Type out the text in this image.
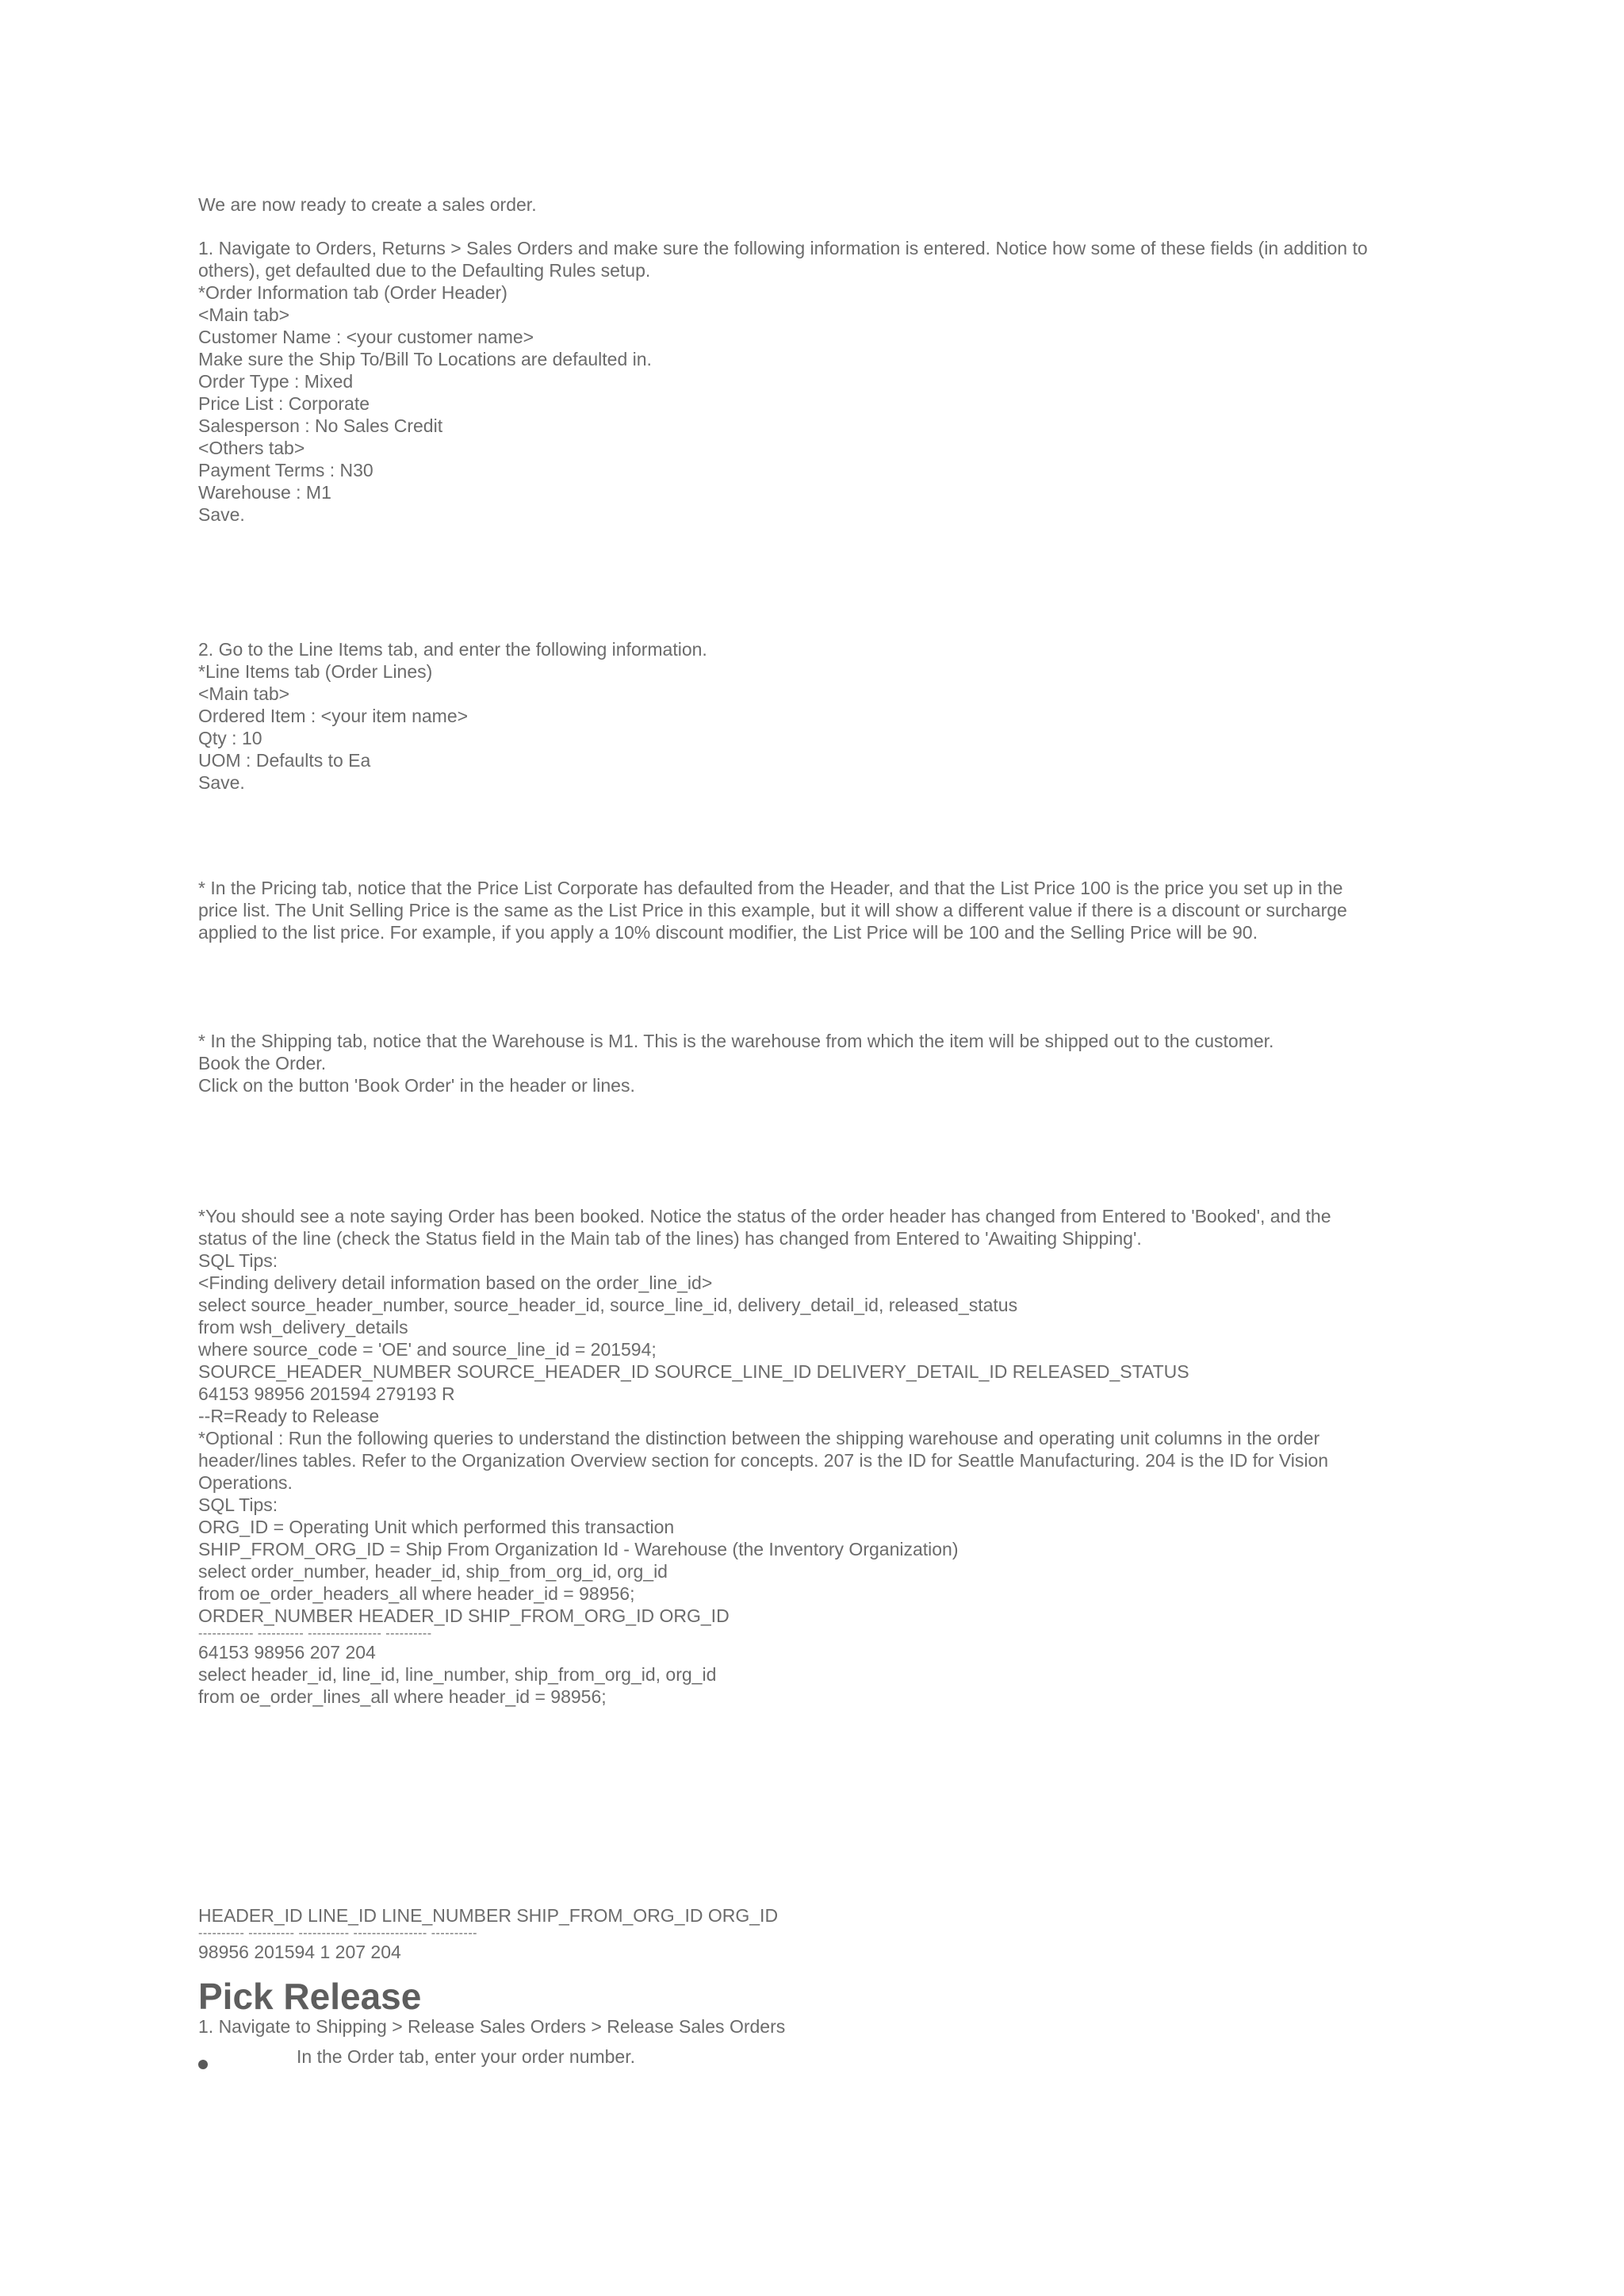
We are now ready to create a sales order.

1. Navigate to Orders, Returns > Sales Orders and make sure the following information is entered. Notice how some of these fields (in addition to

others), get defaulted due to the Defaulting Rules setup.

*Order Information tab (Order Header)

<Main tab>

Customer Name : <your customer name>

Make sure the Ship To/Bill To Locations are defaulted in.

Order Type : Mixed

Price List : Corporate

Salesperson : No Sales Credit

<Others tab>

Payment Terms : N30

Warehouse : M1

Save.

2. Go to the Line Items tab, and enter the following information.

*Line Items tab (Order Lines)

<Main tab>

Ordered Item : <your item name>

Qty : 10

UOM : Defaults to Ea

Save.

* In the Pricing tab, notice that the Price List Corporate has defaulted from the Header, and that the List Price 100 is the price you set up in the

price list. The Unit Selling Price is the same as the List Price in this example, but it will show a different value if there is a discount or surcharge

applied to the list price. For example, if you apply a 10% discount modifier, the List Price will be 100 and the Selling Price will be 90.

* In the Shipping tab, notice that the Warehouse is M1. This is the warehouse from which the item will be shipped out to the customer.

Book the Order.

Click on the button 'Book Order' in the header or lines.

*You should see a note saying Order has been booked. Notice the status of the order header has changed from Entered to 'Booked', and the

status of the line (check the Status field in the Main tab of the lines) has changed from Entered to 'Awaiting Shipping'.

SQL Tips:

<Finding delivery detail information based on the order_line_id>

select source_header_number, source_header_id, source_line_id, delivery_detail_id, released_status

from wsh_delivery_details

where source_code = 'OE' and source_line_id = 201594;

SOURCE_HEADER_NUMBER SOURCE_HEADER_ID SOURCE_LINE_ID DELIVERY_DETAIL_ID RELEASED_STATUS

64153 98956 201594 279193 R

--R=Ready to Release

*Optional : Run the following queries to understand the distinction between the shipping warehouse and operating unit columns in the order

header/lines tables. Refer to the Organization Overview section for concepts. 207 is the ID for Seattle Manufacturing. 204 is the ID for Vision

Operations.

SQL Tips:

ORG_ID = Operating Unit which performed this transaction

SHIP_FROM_ORG_ID = Ship From Organization Id - Warehouse (the Inventory Organization)

select order_number, header_id, ship_from_org_id, org_id

from oe_order_headers_all where header_id = 98956;

ORDER_NUMBER HEADER_ID SHIP_FROM_ORG_ID ORG_ID

------------ ---------- ---------------- ----------

64153 98956 207 204

select header_id, line_id, line_number, ship_from_org_id, org_id

from oe_order_lines_all where header_id = 98956;

HEADER_ID LINE_ID LINE_NUMBER SHIP_FROM_ORG_ID ORG_ID

---------- ---------- ----------- ---------------- ----------

98956 201594 1 207 204

Pick Release

1. Navigate to Shipping > Release Sales Orders > Release Sales Orders

In the Order tab, enter your order number.
